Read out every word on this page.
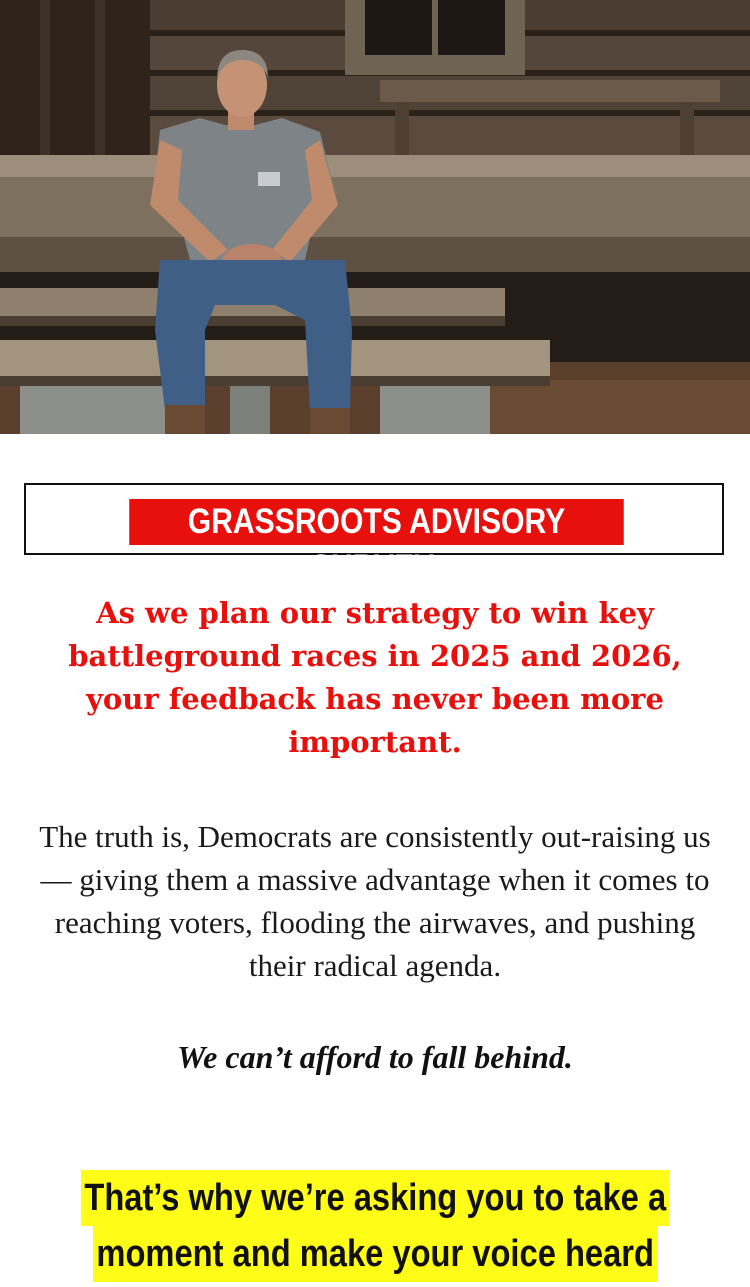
GRASSROOTS ADVISORY SURVEY:

As we plan our strategy to win key battleground races in 2025 and 2026, your feedback has never been more important.

The truth is, Democrats are consistently out-raising us — giving them a massive advantage when it comes to reaching voters, flooding the airwaves, and pushing their radical agenda.

We can’t afford to fall behind.

That’s why we’re asking you to take a
moment and make your voice heard
